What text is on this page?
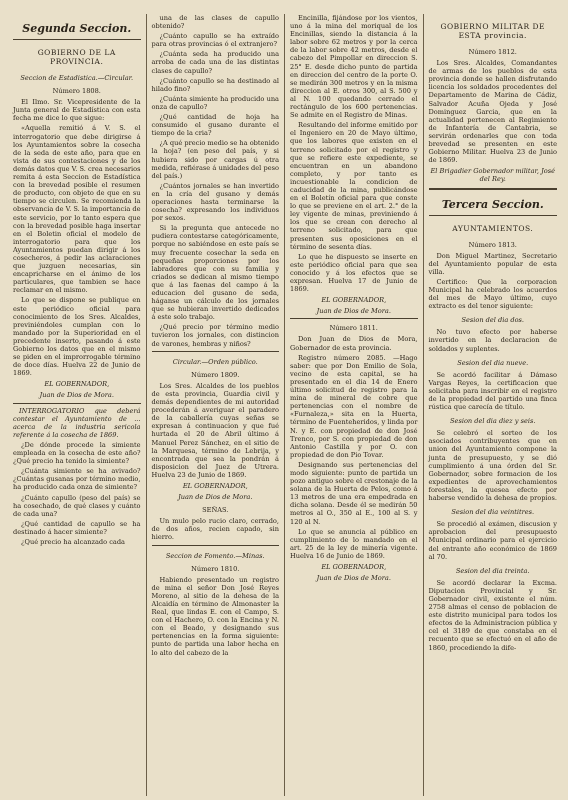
Segunda Seccion.
GOBIERNO DE LA PROVINCIA.
Seccion de Estadistica.—Circular.
Número 1808.

El Ilmo. Sr. Vicepresidente de la Junta general de Estadística con esta fecha me dice lo que sigue:

«Aquella remitió á V. S. el interrogatorio que debe dirigirse á los Ayuntamientos sobre la cosecha de la seda de este año, para que en vista de sus contestaciones y de los demás datos que V. S. crea necesarios remita á esta Seccion de Estadística con la brevedad posible el resumen de producto, con objeto de que en su tiempo se circulen. Se recomienda la observancia de V. S. la importancia de este servicio, por lo tanto espera que con la brevedad posible haga insertar en el Boletin oficial el modelo de interrogatorio para que los Ayuntamientos puedan dirigir á los cosecheros, á pedir las aclaraciones que juzguen necesarias, sin encapricharse en el ánimo de los particulares, que tambien se hace reclamar en el mismo.

Lo que se dispone se publique en este periódico oficial para conocimiento de los Sres. Alcaldes, previniéndoles cumplan con lo mandado por la Superioridad en el precedente inserto, pasando á este Gobierno los datos que en el mismo se piden en el improrrogable término de doce días. Huelva 22 de Junio de 1869.

EL GOBERNADOR,
Juan de Dios de Mora.

INTERROGATORIO que deberá contestar el Ayuntamiento de ... acerca de la industria sericola referente á la cosecha de 1869.

¿De dónde procede la simiente empleada en la cosecha de este año? ¿Qué precio ha tenido la simiente?

¿Cuánta simiente se ha avivado? ¿Cuántas gusanas por término medio, ha producido cada onza de simiente?

¿Cuánto capullo (peso del país) se ha cosechado, de qué clases y cuánto de cada una?

¿Qué cantidad de capullo se ha destinado á hacer simiente?

¿Qué precio ha alcanzado cada

una de las clases de capullo obtenido?

¿Cuánto capullo se ha extraído para otras provincias ó el extranjero?

¿Cuánta seda ha producido una arroba de cada una de las distintas clases de capullo?

¿Cuánto capullo se ha destinado al hilado fino?

¿Cuánta simiente ha producido una onza de capullo?

¿Qué cantidad de hoja ha consumido el gusano durante el tiempo de la cria?

¿A qué precio medio se ha obtenido la hoja? (en peso del país, y si hubiera sido por cargas ú otra medida, refiérase á unidades del peso del país.)

¿Cuántos jornales se han invertido en la cría del gusano y demás operaciones hasta terminarse la cosecha? expresando los individuos por sexos.

Si la pregunta que antecede no pudiera contestarse categóricamente, porque no sabiéndose en este país se muy frecuente cosechar la seda en pequeñas proporciones por los labradores que con su familia y criados se dedican al mismo tiempo que á las faenas del campo á la educacion del gusano de seda, háganse un cálculo de los jornales que se hubieran invertido dedicados á este solo trabajo.

¿Qué precio por término medio tuvieron los jornales, con distincion de varones, hembras y niños?

Circular.—Orden público.
Número 1809.

Los Sres. Alcaldes de los pueblos de esta provincia, Guardia civil y demás dependientes de mi autoridad procederán á averiguar el paradero de la caballería cuyas señas se expresan á continuacion y que fué hurtada el 20 de Abril último á Manuel Perez Sánchez, en el sitio de la Marquesa, término de Lebrija, y encontrada que sea la pondrán á disposicion del Juez de Utrera. Huelva 23 de Junio de 1869.

EL GOBERNADOR,
Juan de Dios de Mora.
SEÑAS.

Un mulo pelo rucio claro, cerrado, de dos años, recien capado, sin hierro.

Seccion de Fomento.—Minas.
Número 1810.

Habiendo presentado un registro de mina el señor Don José Reyes Moreno, al sitio de la dehesa de la Alcaidía en término de Almonaster la Real, que lindas E. con el Campo, S. con el Hachero, O. con la Encina y N. con el Beado, y designando sus pertenencias en la forma siguiente: punto de partida una labor hecha en lo alto del cabezo de la

Encinilla, fijándose por los vientos, uno á la mina del moriqual de los Encinillas, siendo la distancia á la labor sobre 62 metros y por la cerca de la labor sobre 42 metros, desde el cabezo del Pimpollar en direccion S. 25° E. desde dicho punto de partida en direccion del centro de la porte O. se medirán 300 metros y en la misma direccion al E. otros 300, al S. 500 y al N. 100 quedando cerrado el rectángulo de los 600 pertenencias. Se admite en el Registro de Minas.

Resultando del informe emitido por el Ingeniero en 20 de Mayo último, que los labores que existen en el terreno solicitado por el registro y que se refiere este expediente, se encuentran en un abandono completo, y por tanto es incuestionable la condicion de caducidad de la mina, publicándose en el Boletín oficial para que conste lo que se previene en el art. 2.° de la ley vigente de minas, previniendo á los que se crean con derecho al terreno solicitado, para que presenten sus oposiciones en el término de sesenta días.

Lo que he dispuesto se inserte en este periódico oficial para que sea conocido y á los efectos que se expresan. Huelva 17 de Junio de 1869.

EL GOBERNADOR,
Juan de Dios de Mora.
Número 1811.

Don Juan de Dios de Mora, Gobernador de esta provincia.

Registro número 2085. —Hago saber: que por Don Emilio de Sola, vecino de esta capital, se ha presentado en el dia 14 de Enero último solicitud de registro para la mina de mineral de cobre que pertenencias con el nombre de «Furnaleza,» sita en la Huerta, término de Fuenteheridos, y linda por N. y E. con propiedad de don José Trenco, por S. con propiedad de don Antonio Castilla y por O. con propiedad de don Pio Tovar.

Designando sus pertenencias del modo siguiente: punto de partida un pozo antiguo sobre el crestonaje de la solana de la Huerta de Pelos, como á 13 metros de una era empedrada en dicha solana. Desde él se medirán 50 metros al O., 350 al E., 100 al S. y 120 al N.

Lo que se anuncia al público en cumplimiento de lo mandado en el art. 25 de la ley de minería vigente. Huelva 16 de Junio de 1869.

EL GOBERNADOR,
Juan de Dios de Mora.
GOBIERNO MILITAR DE ESTA provincia.
Número 1812.

Los Sres. Alcaldes, Comandantes de armas de los pueblos de esta provincia donde se hallen disfrutando licencia los soldados procedentes del Departamento de Marina de Cádiz, Salvador Acuña Ojeda y José Dominguez Garcia, que en la actualidad pertenecen al Regimiento de Infantería de Cantabria, se servirán ordenarles que con toda brevedad se presenten en este Gobierno Militar. Huelva 23 de Junio de 1869.

El Brigadier Gobernador militar, José del Rey.
Tercera Seccion.
AYUNTAMIENTOS.
Número 1813.

Don Miguel Martinez, Secretario del Ayuntamiento popular de esta villa.

Certifico: Que la corporacion Municipal ha celebrado los acuerdos del mes de Mayo último, cuyo extracto es del tenor siguiente:

Sesion del dia dos.

No tuvo efecto por haberse invertido en la declaracion de soldados y suplentes.

Sesion del dia nueve.

Se acordó facilitar á Dámaso Vargas Reyes, la certificacion que solicitaba para inscribir en el registro de la propiedad del partido una finca rústica que carecía de título.

Sesion del dia diez y seis.

Se celebró el sorteo de los asociados contribuyentes que en union del Ayuntamiento compone la junta de presupuesto, y se dió cumplimiento á una órden del Sr. Gobernador, sobre formacion de los expedientes de aprovechamientos forestales, la quesea efecto por haberse vendido la dehesa de propios.

Sesion del dia veintitres.

Se procedió al exámen, discusion y aprobacion del presupuesto Municipal ordinario para el ejercicio del entrante año económico de 1869 al 70.

Sesion del dia treinta.

Se acordó declarar la Excma. Diputacion Provincial y Sr. Gobernador civil, existente el núm. 2758 almas el censo de poblacion de este distrito municipal para todos los efectos de la Administracion pública y cel el 3189 de que constaba en el recuento que se efectuó en el año de 1860, procediendo la dife-
